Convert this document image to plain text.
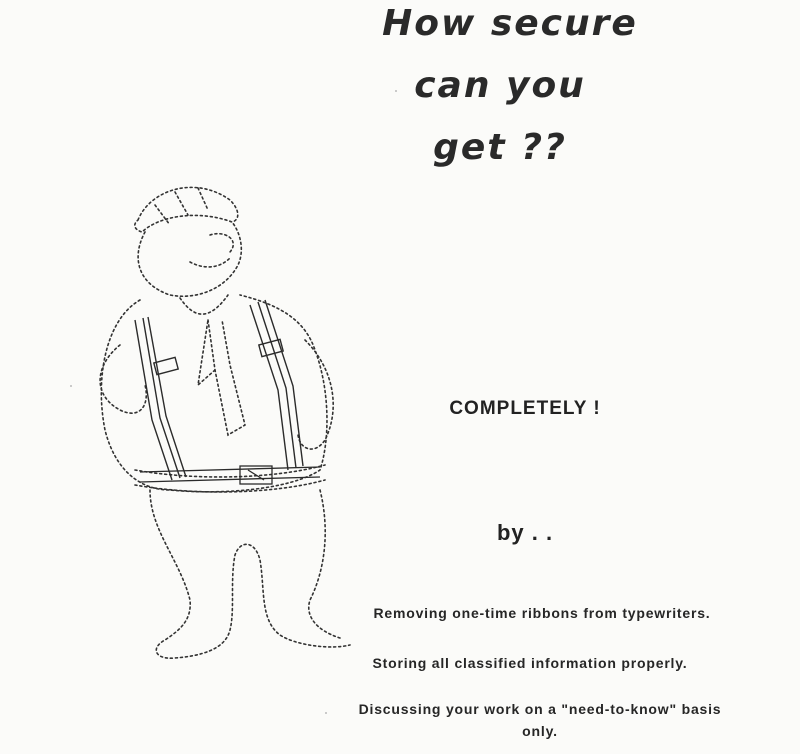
How secure
can you
get ??
COMPLETELY !
by . .
Removing one-time ribbons from typewriters.
Storing all classified information properly.
Discussing your work on a "need-to-know" basis only.
